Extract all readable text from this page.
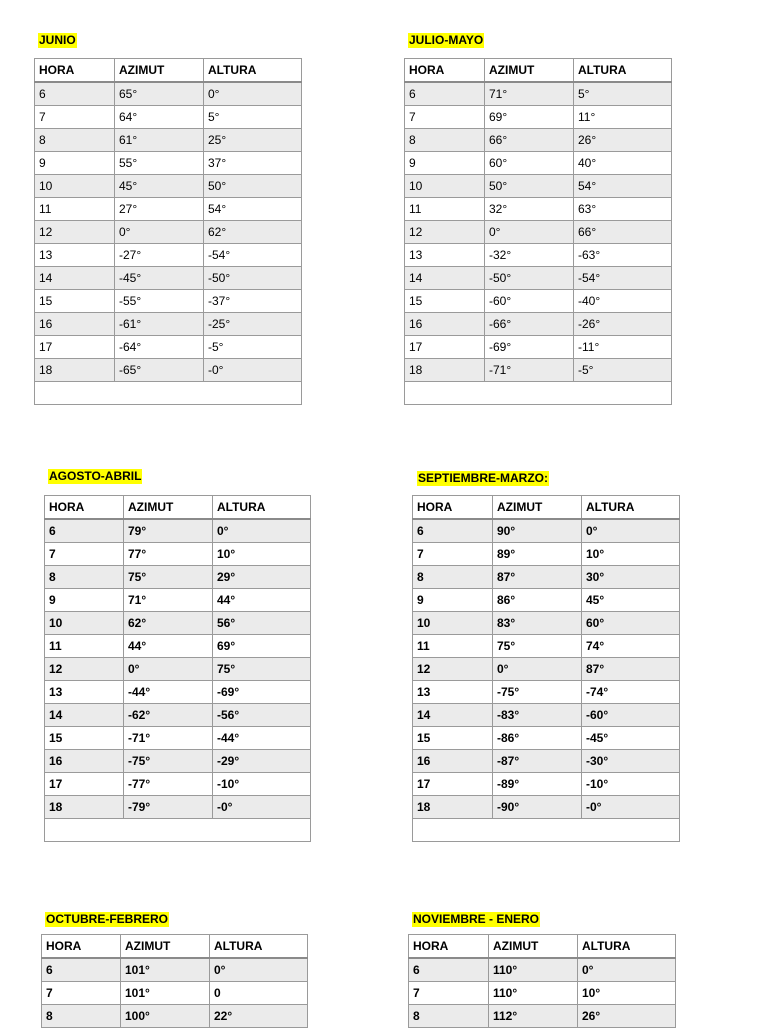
JUNIO
HORA	AZIMUT	ALTURA
6	65°	0°
7	64°	5°
8	61°	25°
9	55°	37°
10	45°	50°
11	27°	54°
12	0°	62°
13	-27°	-54°
14	-45°	-50°
15	-55°	-37°
16	-61°	-25°
17	-64°	-5°
18	-65°	-0°

JULIO-MAYO
HORA	AZIMUT	ALTURA
6	71°	5°
7	69°	11°
8	66°	26°
9	60°	40°
10	50°	54°
11	32°	63°
12	0°	66°
13	-32°	-63°
14	-50°	-54°
15	-60°	-40°
16	-66°	-26°
17	-69°	-11°
18	-71°	-5°

AGOSTO-ABRIL
HORA	AZIMUT	ALTURA
6	79°	0°
7	77°	10°
8	75°	29°
9	71°	44°
10	62°	56°
11	44°	69°
12	0°	75°
13	-44°	-69°
14	-62°	-56°
15	-71°	-44°
16	-75°	-29°
17	-77°	-10°
18	-79°	-0°

SEPTIEMBRE-MARZO:
HORA	AZIMUT	ALTURA
6	90°	0°
7	89°	10°
8	87°	30°
9	86°	45°
10	83°	60°
11	75°	74°
12	0°	87°
13	-75°	-74°
14	-83°	-60°
15	-86°	-45°
16	-87°	-30°
17	-89°	-10°
18	-90°	-0°

OCTUBRE-FEBRERO
HORA	AZIMUT	ALTURA
6	101°	0°
7	101°	0
8	100°	22°
NOVIEMBRE - ENERO
HORA	AZIMUT	ALTURA
6	110°	0°
7	110°	10°
8	112°	26°
